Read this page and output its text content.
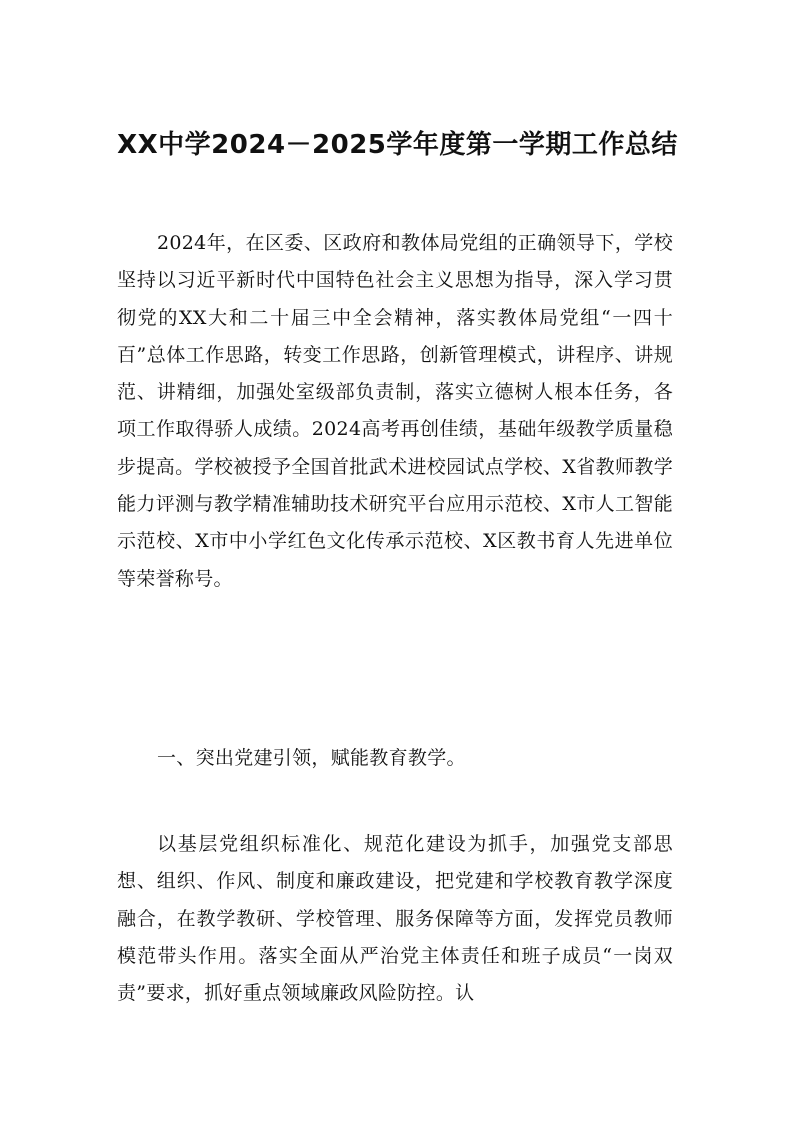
XX中学2024－2025学年度第一学期工作总结

2024年，在区委、区政府和教体局党组的正确领导下，学校坚持以习近平新时代中国特色社会主义思想为指导，深入学习贯彻党的XX大和二十届三中全会精神，落实教体局党组“一四十百”总体工作思路，转变工作思路，创新管理模式，讲程序、讲规范、讲精细，加强处室级部负责制，落实立德树人根本任务，各项工作取得骄人成绩。2024高考再创佳绩，基础年级教学质量稳步提高。学校被授予全国首批武术进校园试点学校、X省教师教学能力评测与教学精准辅助技术研究平台应用示范校、X市人工智能示范校、X市中小学红色文化传承示范校、X区教书育人先进单位等荣誉称号。

一、突出党建引领，赋能教育教学。

以基层党组织标准化、规范化建设为抓手，加强党支部思想、组织、作风、制度和廉政建设，把党建和学校教育教学深度融合，在教学教研、学校管理、服务保障等方面，发挥党员教师模范带头作用。落实全面从严治党主体责任和班子成员“一岗双责”要求，抓好重点领域廉政风险防控。认
